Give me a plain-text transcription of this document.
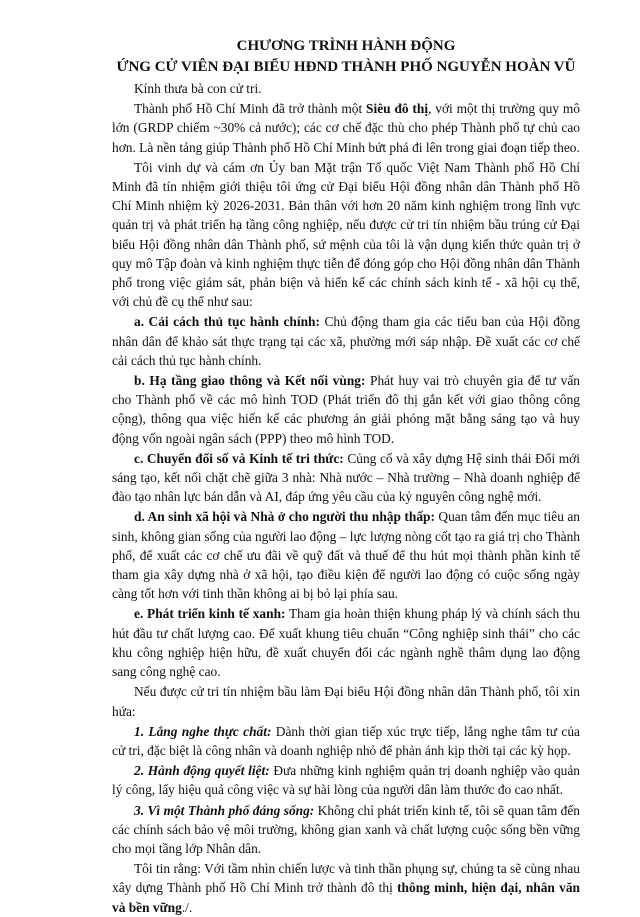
CHƯƠNG TRÌNH HÀNH ĐỘNG
ỨNG CỬ VIÊN ĐẠI BIỂU HĐND THÀNH PHỐ NGUYỄN HOÀN VŨ

Kính thưa bà con cử tri.

Thành phố Hồ Chí Minh đã trở thành một Siêu đô thị, với một thị trường quy mô lớn (GRDP chiếm ~30% cả nước); các cơ chế đặc thù cho phép Thành phố tự chủ cao hơn. Là nền tảng giúp Thành phố Hồ Chí Minh bứt phá đi lên trong giai đoạn tiếp theo.

Tôi vinh dự và cám ơn Ủy ban Mặt trận Tổ quốc Việt Nam Thành phố Hồ Chí Minh đã tín nhiệm giới thiệu tôi ứng cử Đại biểu Hội đồng nhân dân Thành phố Hồ Chí Minh nhiệm kỳ 2026-2031. Bản thân với hơn 20 năm kinh nghiệm trong lĩnh vực quản trị và phát triển hạ tầng công nghiệp, nếu được cử tri tín nhiệm bầu trúng cử Đại biểu Hội đồng nhân dân Thành phố, sứ mệnh của tôi là vận dụng kiến thức quản trị ở quy mô Tập đoàn và kinh nghiệm thực tiễn để đóng góp cho Hội đồng nhân dân Thành phố trong việc giám sát, phản biện và hiến kế các chính sách kinh tế - xã hội cụ thể, với chủ đề cụ thể như sau:

a. Cải cách thủ tục hành chính: Chủ động tham gia các tiểu ban của Hội đồng nhân dân để khảo sát thực trạng tại các xã, phường mới sáp nhập. Đề xuất các cơ chế cải cách thủ tục hành chính.

b. Hạ tầng giao thông và Kết nối vùng: Phát huy vai trò chuyên gia để tư vấn cho Thành phố về các mô hình TOD (Phát triển đô thị gắn kết với giao thông công cộng), thông qua việc hiến kế các phương án giải phóng mặt bằng sáng tạo và huy động vốn ngoài ngân sách (PPP) theo mô hình TOD.

c. Chuyển đổi số và Kinh tế tri thức: Củng cố và xây dựng Hệ sinh thái Đổi mới sáng tạo, kết nối chặt chẽ giữa 3 nhà: Nhà nước – Nhà trường – Nhà doanh nghiệp để đào tạo nhân lực bán dẫn và AI, đáp ứng yêu cầu của kỷ nguyên công nghệ mới.

d. An sinh xã hội và Nhà ở cho người thu nhập thấp: Quan tâm đến mục tiêu an sinh, không gian sống của người lao động – lực lượng nòng cốt tạo ra giá trị cho Thành phố, để xuất các cơ chế ưu đãi về quỹ đất và thuế để thu hút mọi thành phần kinh tế tham gia xây dựng nhà ở xã hội, tạo điều kiện để người lao động có cuộc sống ngày càng tốt hơn với tinh thần không ai bị bỏ lại phía sau.

e. Phát triển kinh tế xanh: Tham gia hoàn thiện khung pháp lý và chính sách thu hút đầu tư chất lượng cao. Để xuất khung tiêu chuẩn “Công nghiệp sinh thái” cho các khu công nghiệp hiện hữu, đề xuất chuyển đổi các ngành nghề thâm dụng lao động sang công nghệ cao.

Nếu được cử tri tín nhiệm bầu làm Đại biểu Hội đồng nhân dân Thành phố, tôi xin hứa:

1. Lắng nghe thực chất: Dành thời gian tiếp xúc trực tiếp, lắng nghe tâm tư của cử tri, đặc biệt là công nhân và doanh nghiệp nhỏ để phản ánh kịp thời tại các kỳ họp.

2. Hành động quyết liệt: Đưa những kinh nghiệm quản trị doanh nghiệp vào quản lý công, lấy hiệu quả công việc và sự hài lòng của người dân làm thước đo cao nhất.

3. Vì một Thành phố đáng sống: Không chỉ phát triển kinh tế, tôi sẽ quan tâm đến các chính sách bảo vệ môi trường, không gian xanh và chất lượng cuộc sống bền vững cho mọi tầng lớp Nhân dân.

Tôi tin rằng: Với tầm nhìn chiến lược và tinh thần phụng sự, chúng ta sẽ cùng nhau xây dựng Thành phố Hồ Chí Minh trở thành đô thị thông minh, hiện đại, nhân văn và bền vững./.
